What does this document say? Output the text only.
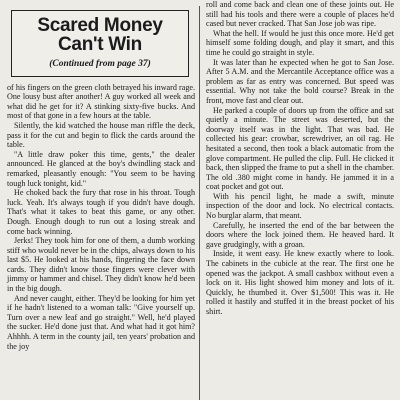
Scared Money
Can't Win
(Continued from page 37)

of his fingers on the green cloth betrayed his inward rage. One lousy bust after another! A guy worked all week and what did he get for it? A stinking sixty-five bucks. And most of that gone in a few hours at the table.

Silently, the kid watched the house man riffle the deck, pass it for the cut and begin to flick the cards around the table.

"A little draw poker this time, gents," the dealer announced. He glanced at the boy's dwindling stack and remarked, pleasantly enough: "You seem to be having tough luck tonight, kid."

He choked back the fury that rose in his throat. Tough luck. Yeah. It's always tough if you didn't have dough. That's what it takes to beat this game, or any other. Dough. Enough dough to run out a losing streak and come back winning.

Jerks! They took him for one of them, a dumb working stiff who would never be in the chips, always down to his last $5. He looked at his hands, fingering the face down cards. They didn't know those fingers were clever with jimmy or hammer and chisel. They didn't know he'd been in the big dough.

And never caught, either. They'd be looking for him yet if he hadn't listened to a woman talk: "Give yourself up. Turn over a new leaf and go straight." Well, he'd played the sucker. He'd done just that. And what had it got him? Ahhhh. A term in the county jail, ten years' probation and the joy

roll and come back and clean one of these joints out. He still had his tools and there were a couple of places he'd cased but never cracked. That San Jose job was ripe.

What the hell. If would he just this once more. He'd get himself some folding dough, and play it smart, and this time he could go straight in style.

It was later than he expected when he got to San Jose. After 5 A.M. and the Mercantile Acceptance office was a problem as far as entry was concerned. But speed was essential. Why not take the bold course? Break in the front, move fast and clear out.

He parked a couple of doors up from the office and sat quietly a minute. The street was deserted, but the doorway itself was in the light. That was bad. He collected his gear: crowbar, screwdriver, an oil rag. He hesitated a second, then took a black automatic from the glove compartment. He pulled the clip. Full. He clicked it back, then slipped the frame to put a shell in the chamber. The old .380 might come in handy. He jammed it in a coat pocket and got out.

With his pencil light, he made a swift, minute inspection of the door and lock. No electrical contacts. No burglar alarm, that meant.

Carefully, he inserted the end of the bar between the doors where the lock joined them. He heaved hard. It gave grudgingly, with a groan.

Inside, it went easy. He knew exactly where to look. The cabinets in the cubicle at the rear. The first one he opened was the jackpot. A small cashbox without even a lock on it. His light showed him money and lots of it. Quickly, he thumbed it. Over $1,500! This was it. He rolled it hastily and stuffed it in the breast pocket of his shirt.
